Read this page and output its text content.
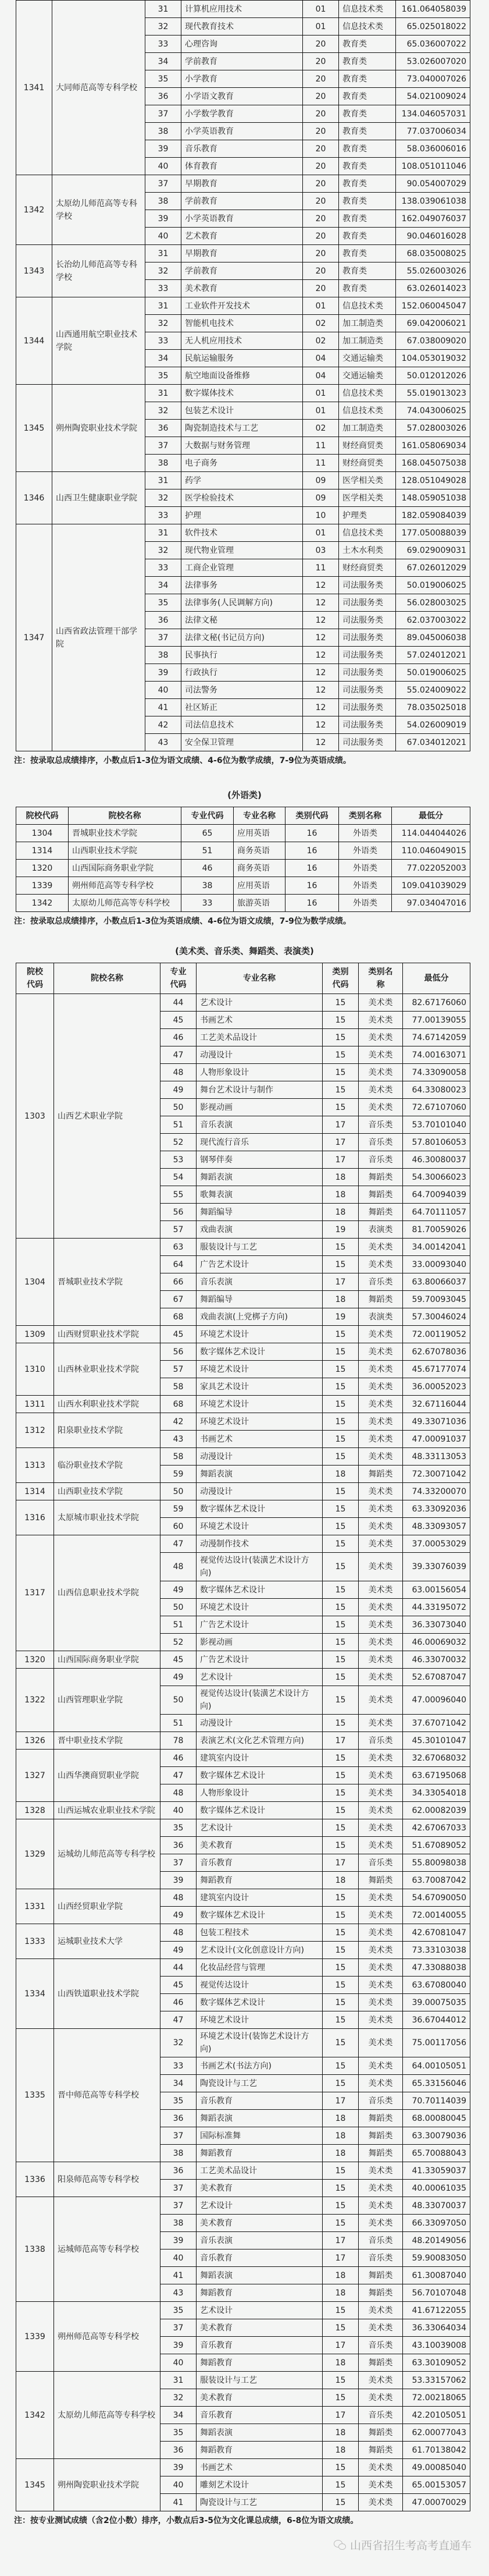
1341	大同师范高等专科学校	31	计算机应用技术	01	信息技术类	161.064058039
		32	现代教育技术	01	信息技术类	65.025018022
		33	心理咨询	20	教育类	65.036007022
		34	学前教育	20	教育类	53.026007020
		35	小学教育	20	教育类	73.040007026
		36	小学语文教育	20	教育类	54.021009024
		37	小学数学教育	20	教育类	134.046057031
		38	小学英语教育	20	教育类	77.037006034
		39	音乐教育	20	教育类	58.036006016
		40	体育教育	20	教育类	108.051011046
1342	太原幼儿师范高等专科学校	37	早期教育	20	教育类	90.054007029
		38	学前教育	20	教育类	138.039061038
		39	小学英语教育	20	教育类	162.049076037
		40	艺术教育	20	教育类	90.046016028
1343	长治幼儿师范高等专科学校	31	早期教育	20	教育类	68.035008025
		32	学前教育	20	教育类	55.026003026
		33	美术教育	20	教育类	63.026014023
1344	山西通用航空职业技术学院	31	工业软件开发技术	01	信息技术类	152.060045047
		32	智能机电技术	02	加工制造类	69.042006021
		33	无人机应用技术	02	加工制造类	67.038009020
		34	民航运输服务	04	交通运输类	104.053019032
		35	航空地面设备维修	04	交通运输类	50.012012026
1345	朔州陶瓷职业技术学院	31	数字媒体技术	01	信息技术类	55.019013023
		32	包装艺术设计	01	信息技术类	74.043006025
		36	陶瓷制造技术与工艺	02	加工制造类	57.028003026
		37	大数据与财务管理	11	财经商贸类	161.058069034
		38	电子商务	11	财经商贸类	168.045075038
1346	山西卫生健康职业学院	31	药学	09	医学相关类	128.051049028
		32	医学检验技术	09	医学相关类	148.059051038
		33	护理	10	护理类	182.059084039
1347	山西省政法管理干部学院	31	软件技术	01	信息技术类	177.050088039
		32	现代物业管理	03	土木水利类	69.029009031
		33	工商企业管理	11	财经商贸类	67.026012029
		34	法律事务	12	司法服务类	50.019006025
		35	法律事务(人民调解方向)	12	司法服务类	56.028003025
		36	法律文秘	12	司法服务类	62.037003022
		37	法律文秘(书记员方向)	12	司法服务类	89.045006038
		38	民事执行	12	司法服务类	57.024012021
		39	行政执行	12	司法服务类	50.019006025
		40	司法警务	12	司法服务类	55.024009022
		41	社区矫正	12	司法服务类	78.035025018
		42	司法信息技术	12	司法服务类	54.026009019
		43	安全保卫管理	12	司法服务类	67.034012021
注：按录取总成绩排序，小数点后1-3位为语文成绩、4-6位为数学成绩，7-9位为英语成绩。
(外语类)
院校代码	院校名称	专业代码	专业名称	类别代码	类别名称	最低分
1304	晋城职业技术学院	65	应用英语	16	外语类	114.044044026
1314	山西职业技术学院	51	商务英语	16	外语类	110.046049015
1320	山西国际商务职业学院	46	商务英语	16	外语类	77.022052003
1339	朔州师范高等专科学校	38	应用英语	16	外语类	109.041039029
1342	太原幼儿师范高等专科学校	33	旅游英语	16	外语类	97.034047016
注：按录取总成绩排序，小数点后1-3位为英语成绩、4-6位为语文成绩，7-9位为数学成绩。
(美术类、音乐类、舞蹈类、表演类)
院校代码	院校名称	专业代码	专业名称	类别代码	类别名称	最低分
1303	山西艺术职业学院	44	艺术设计	15	美术类	82.67176060
		45	书画艺术	15	美术类	77.00139055
		46	工艺美术品设计	15	美术类	74.67142059
		47	动漫设计	15	美术类	74.00163071
		48	人物形象设计	15	美术类	74.33090058
		49	舞台艺术设计与制作	15	美术类	64.33080023
		50	影视动画	15	美术类	72.67107060
		51	音乐表演	17	音乐类	53.70101040
		52	现代流行音乐	17	音乐类	57.80106053
		53	钢琴伴奏	17	音乐类	46.30080037
		54	舞蹈表演	18	舞蹈类	54.30066023
		55	歌舞表演	18	舞蹈类	64.70094039
		56	舞蹈编导	18	舞蹈类	64.70111057
		57	戏曲表演	19	表演类	81.70059026
1304	晋城职业技术学院	63	服装设计与工艺	15	美术类	34.00142041
		64	广告艺术设计	15	美术类	33.00093040
		66	音乐表演	17	音乐类	63.80066037
		67	舞蹈编导	18	舞蹈类	59.70093045
		68	戏曲表演(上党梆子方向)	19	表演类	57.30046024
1309	山西财贸职业技术学院	45	环境艺术设计	15	美术类	72.00119052
1310	山西林业职业技术学院	56	数字媒体艺术设计	15	美术类	62.67078036
		57	环境艺术设计	15	美术类	45.67177074
		58	家具艺术设计	15	美术类	36.00052023
1311	山西水利职业技术学院	68	环境艺术设计	15	美术类	32.67116044
1312	阳泉职业技术学院	42	环境艺术设计	15	美术类	49.33071036
		43	书画艺术	15	美术类	47.00091037
1313	临汾职业技术学院	58	动漫设计	15	美术类	48.33113053
		59	舞蹈表演	18	舞蹈类	72.30071042
1314	山西职业技术学院	50	动漫设计	15	美术类	74.33200070
1316	太原城市职业技术学院	59	数字媒体艺术设计	15	美术类	63.33092036
		60	环境艺术设计	15	美术类	48.33093057
1317	山西信息职业技术学院	47	动漫制作技术	15	美术类	37.00053029
		48	视觉传达设计(装潢艺术设计方向)	15	美术类	39.33076039
		49	数字媒体艺术设计	15	美术类	63.00156054
		50	环境艺术设计	15	美术类	44.33195072
		51	广告艺术设计	15	美术类	36.33073040
		52	影视动画	15	美术类	46.00069032
1320	山西国际商务职业学院	45	广告艺术设计	15	美术类	46.33070032
1322	山西管理职业学院	49	艺术设计	15	美术类	52.67087047
		50	视觉传达设计(装潢艺术设计方向)	15	美术类	47.00096040
		51	动漫设计	15	美术类	37.67071042
1326	晋中职业技术学院	78	表演艺术(文化艺术管理方向)	17	音乐类	45.30101047
1327	山西华澳商贸职业学院	46	建筑室内设计	15	美术类	32.67068032
		47	数字媒体艺术设计	15	美术类	63.67195068
		48	人物形象设计	15	美术类	34.33054018
1328	山西运城农业职业技术学院	40	数字媒体艺术设计	15	美术类	62.00082039
1329	运城幼儿师范高等专科学校	35	艺术设计	15	美术类	42.67067033
		36	美术教育	15	美术类	51.67089052
		37	音乐教育	17	音乐类	55.80098038
		39	舞蹈教育	18	舞蹈类	63.70087042
1331	山西经贸职业学院	48	建筑室内设计	15	美术类	54.67090050
		49	数字媒体艺术设计	15	美术类	72.00140055
1333	运城职业技术大学	48	包装工程技术	15	美术类	42.67081047
		49	艺术设计(文化创意设计方向)	15	美术类	73.33103038
1334	山西铁道职业技术学院	44	化妆品经营与管理	15	美术类	47.33088038
		45	视觉传达设计	15	美术类	63.67080040
		46	数字媒体艺术设计	15	美术类	39.00075035
		47	环境艺术设计	15	美术类	36.67044012
1335	晋中师范高等专科学校	32	环境艺术设计(装饰艺术设计方向)	15	美术类	75.00117056
		33	书画艺术(书法方向)	15	美术类	64.00105051
		34	陶瓷设计与工艺	15	美术类	65.33156046
		35	音乐教育	17	音乐类	70.70114039
		36	舞蹈表演	18	舞蹈类	68.00080045
		37	国际标准舞	18	舞蹈类	63.30079036
		38	舞蹈教育	18	舞蹈类	65.70088043
1336	阳泉师范高等专科学校	36	工艺美术品设计	15	美术类	41.33059037
		37	美术教育	15	美术类	40.00061035
1338	运城师范高等专科学校	37	艺术设计	15	美术类	48.33070037
		38	美术教育	15	美术类	66.33097050
		39	音乐表演	17	音乐类	48.20149056
		40	音乐教育	17	音乐类	59.90083050
		41	舞蹈表演	18	舞蹈类	61.30087040
		43	舞蹈教育	18	舞蹈类	56.70107048
1339	朔州师范高等专科学校	35	艺术设计	15	美术类	41.67122055
		37	美术教育	15	美术类	36.33064034
		39	音乐教育	17	音乐类	43.10039008
		40	舞蹈教育	18	舞蹈类	63.30109052
1342	太原幼儿师范高等专科学校	31	服装设计与工艺	15	美术类	53.33157062
		32	美术教育	15	美术类	72.00218065
		34	音乐教育	17	音乐类	42.20105051
		35	舞蹈表演	18	舞蹈类	62.00077043
		36	舞蹈教育	18	舞蹈类	61.70138042
1345	朔州陶瓷职业技术学院	39	书画艺术	15	美术类	49.00085040
		40	雕刻艺术设计	15	美术类	65.00153057
		41	陶瓷设计与工艺	15	美术类	47.00070029
注：按专业测试成绩（含2位小数）排序，小数点后3-5位为文化课总成绩，6-8位为语文成绩。
山西省招生考高考直通车
